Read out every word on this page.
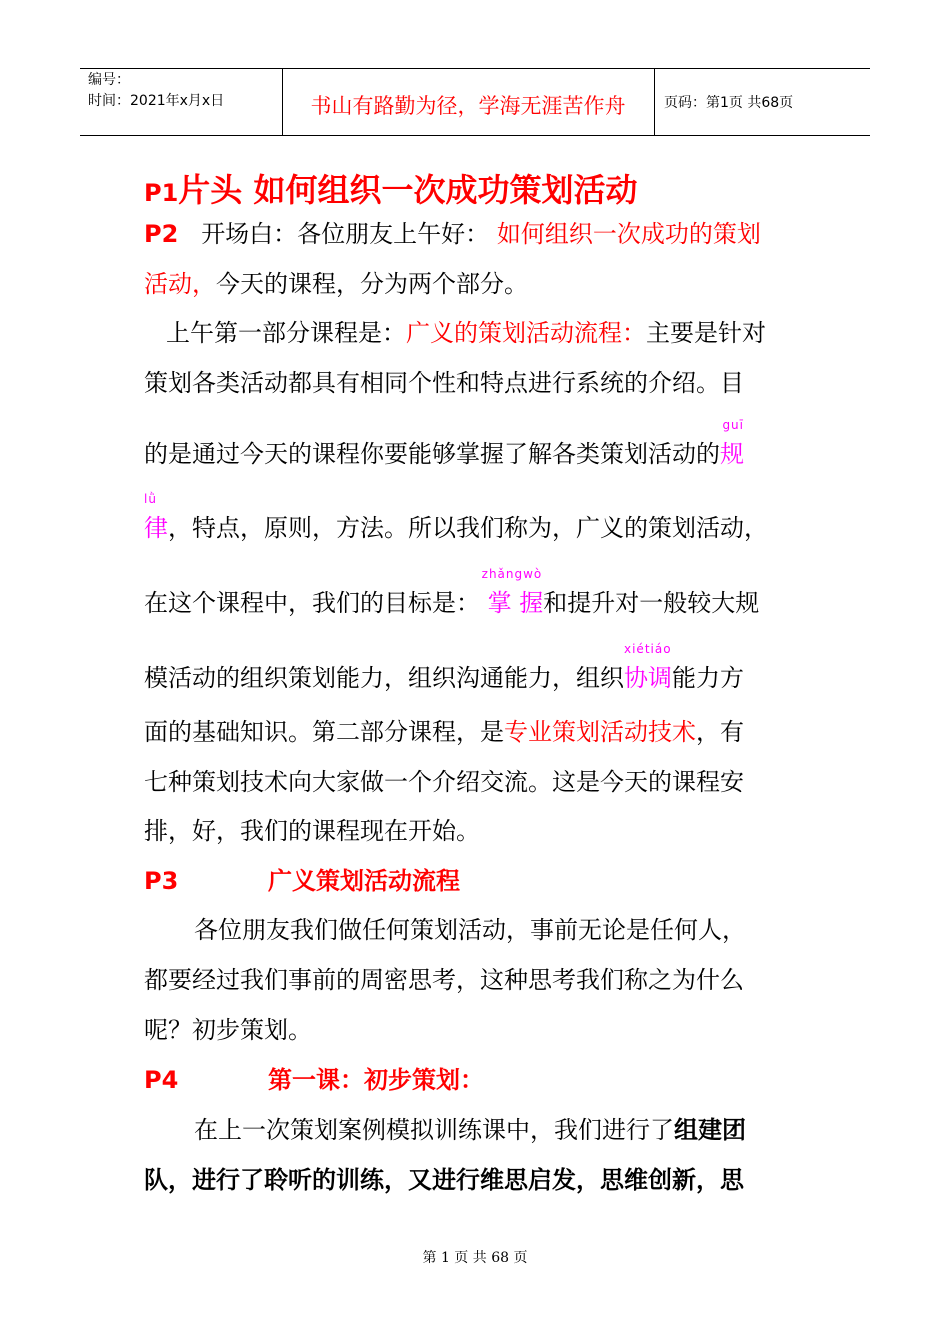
编号：
时间：2021年x月x日	书山有路勤为径，学海无涯苦作舟	页码：第1页 共68页
P1片头 如何组织一次成功策划活动
P2 开场白：各位朋友上午好： 如何组织一次成功的策划
活动，今天的课程，分为两个部分。
上午第一部分课程是：广义的策划活动流程：主要是针对
策划各类活动都具有相同个性和特点进行系统的介绍。目
的是通过今天的课程你要能够掌握了解各类策划活动的
guī
规
lǜ
律，特点，原则，方法。所以我们称为，广义的策划活动，
在这个课程中，我们的目标是：
zhǎngwò
掌 握和提升对一般较大规
模活动的组织策划能力，组织沟通能力，组织
xiétiáo
协调能力方
面的基础知识。第二部分课程，是专业策划活动技术，有
七种策划技术向大家做一个介绍交流。这是今天的课程安
排，好，我们的课程现在开始。
P3	广义策划活动流程
各位朋友我们做任何策划活动，事前无论是任何人，
都要经过我们事前的周密思考，这种思考我们称之为什么
呢？初步策划。
P4	第一课：初步策划：
在上一次策划案例模拟训练课中，我们进行了组建团
队，进行了聆听的训练，又进行维思启发，思维创新，思
第 1 页 共 68 页
